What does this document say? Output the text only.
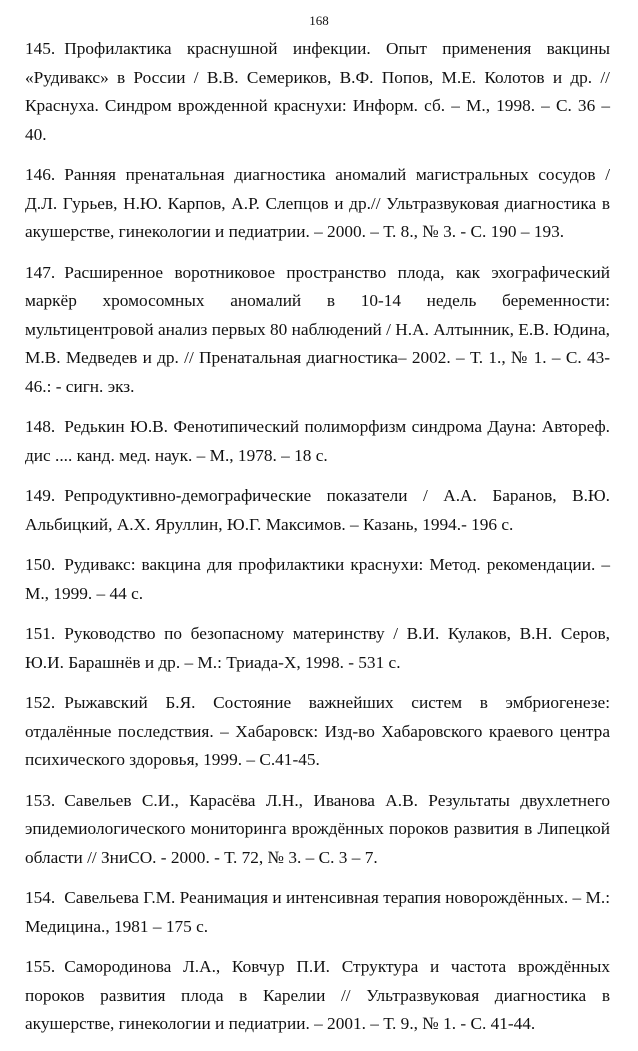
168

145. Профилактика краснушной инфекции. Опыт применения вакцины «Рудивакс» в России / В.В. Семериков, В.Ф. Попов, М.Е. Колотов и др. // Краснуха. Синдром врожденной краснухи: Информ. сб. – М., 1998. – С. 36 – 40.

146. Ранняя пренатальная диагностика аномалий магистральных сосудов / Д.Л. Гурьев, Н.Ю. Карпов, А.Р. Слепцов и др.// Ультразвуковая диагностика в акушерстве, гинекологии и педиатрии. – 2000. – Т. 8., № 3. - С. 190 – 193.

147. Расширенное воротниковое пространство плода, как эхографический маркёр хромосомных аномалий в 10-14 недель беременности: мультицентровой анализ первых 80 наблюдений / Н.А. Алтынник, Е.В. Юдина, М.В. Медведев и др. // Пренатальная диагностика– 2002. – Т. 1., № 1. – С. 43-46.: - сигн. экз.

148. Редькин Ю.В. Фенотипический полиморфизм синдрома Дауна: Автореф. дис .... канд. мед. наук. – М., 1978. – 18 с.

149. Репродуктивно-демографические показатели / А.А. Баранов, В.Ю. Альбицкий, А.Х. Яруллин, Ю.Г. Максимов. – Казань, 1994.- 196 с.

150. Рудивакс: вакцина для профилактики краснухи: Метод. рекомендации. – М., 1999. – 44 с.

151. Руководство по безопасному материнству / В.И. Кулаков, В.Н. Серов, Ю.И. Барашнёв и др. – М.: Триада-Х, 1998. - 531 с.

152. Рыжавский Б.Я. Состояние важнейших систем в эмбриогенезе: отдалённые последствия. – Хабаровск: Изд-во Хабаровского краевого центра психического здоровья, 1999. – С.41-45.

153. Савельев С.И., Карасёва Л.Н., Иванова А.В. Результаты двухлетнего эпидемиологического мониторинга врождённых пороков развития в Липецкой области // ЗниСО. - 2000. - Т. 72, № 3. – С. 3 – 7.

154. Савельева Г.М. Реанимация и интенсивная терапия новорождённых. – М.: Медицина., 1981 – 175 с.

155. Самородинова Л.А., Ковчур П.И. Структура и частота врождённых пороков развития плода в Карелии // Ультразвуковая диагностика в акушерстве, гинекологии и педиатрии. – 2001. – Т. 9., № 1. - С. 41-44.
